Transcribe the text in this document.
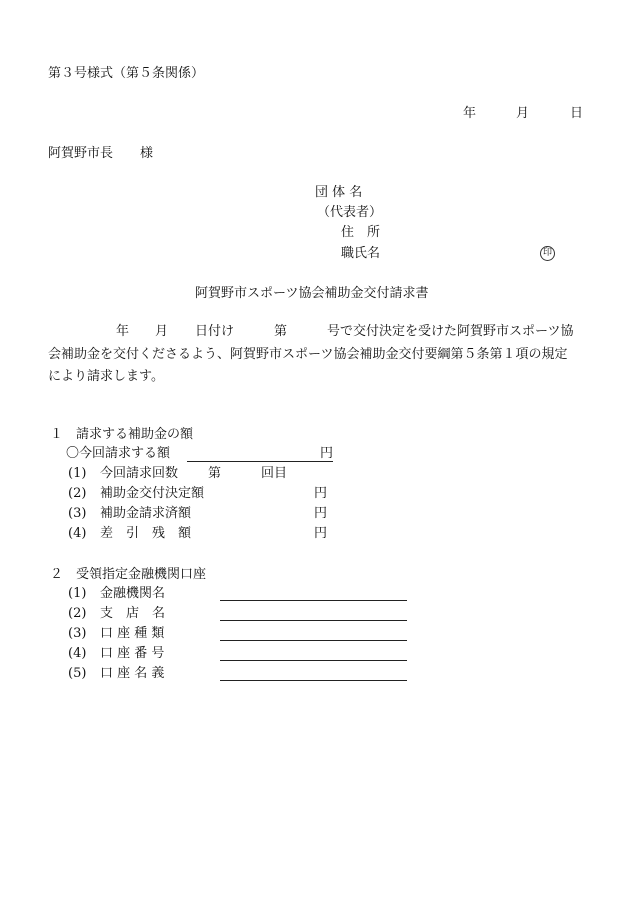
第３号様式（第５条関係）
年	月	日
阿賀野市長 様
団 体 名
（代表者）
住　所
職氏名	印
阿賀野市スポーツ協会補助金交付請求書
年 月 日付け	第	号で交付決定を受けた阿賀野市スポーツ協
会補助金を交付くださるよう、阿賀野市スポーツ協会補助金交付要綱第５条第１項の規定
により請求します。
１　請求する補助金の額
〇今回請求する額	円
(1) 今回請求回数 第	回目
(2) 補助金交付決定額	円
(3) 補助金請求済額	円
(4) 差　引　残　額	円
２　受領指定金融機関口座
(1) 金融機関名
(2) 支　店　名
(3) 口 座 種 類
(4) 口 座 番 号
(5) 口 座 名 義
